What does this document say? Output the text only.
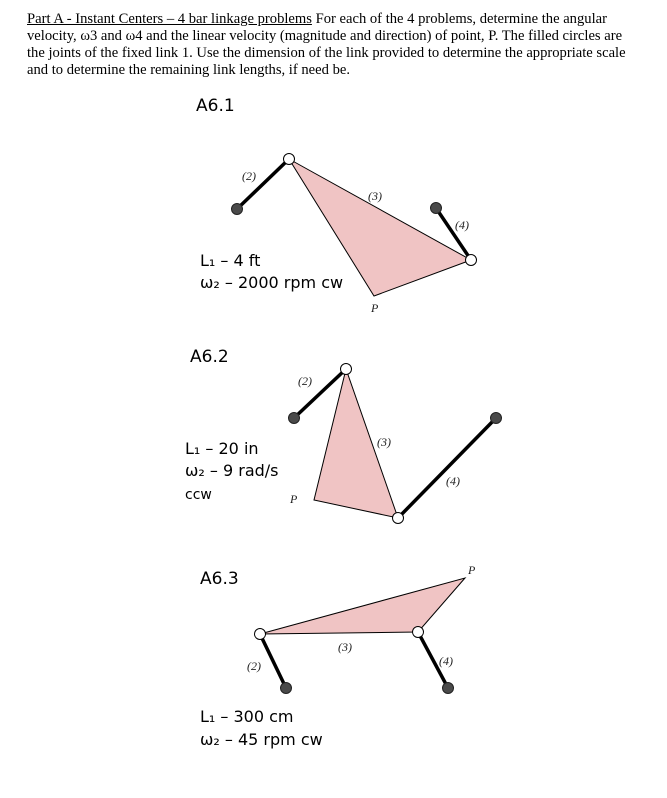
Part A - Instant Centers – 4 bar linkage problems For each of the 4 problems, determine the angular velocity, ω3 and ω4 and the linear velocity (magnitude and direction) of point, P. The filled circles are the joints of the fixed link 1. Use the dimension of the link provided to determine the appropriate scale and to determine the remaining link lengths, if need be.
A6.1
L₁ – 4 ft
ω₂ – 2000 rpm cw
A6.2
L₁ – 20 in
ω₂ – 9 rad/s
ccw
A6.3
L₁ – 300 cm
ω₂ – 45 rpm cw
(2)
(3)
(4)
P
(2)
(3)
(4)
P
(2)
(3)
(4)
P
